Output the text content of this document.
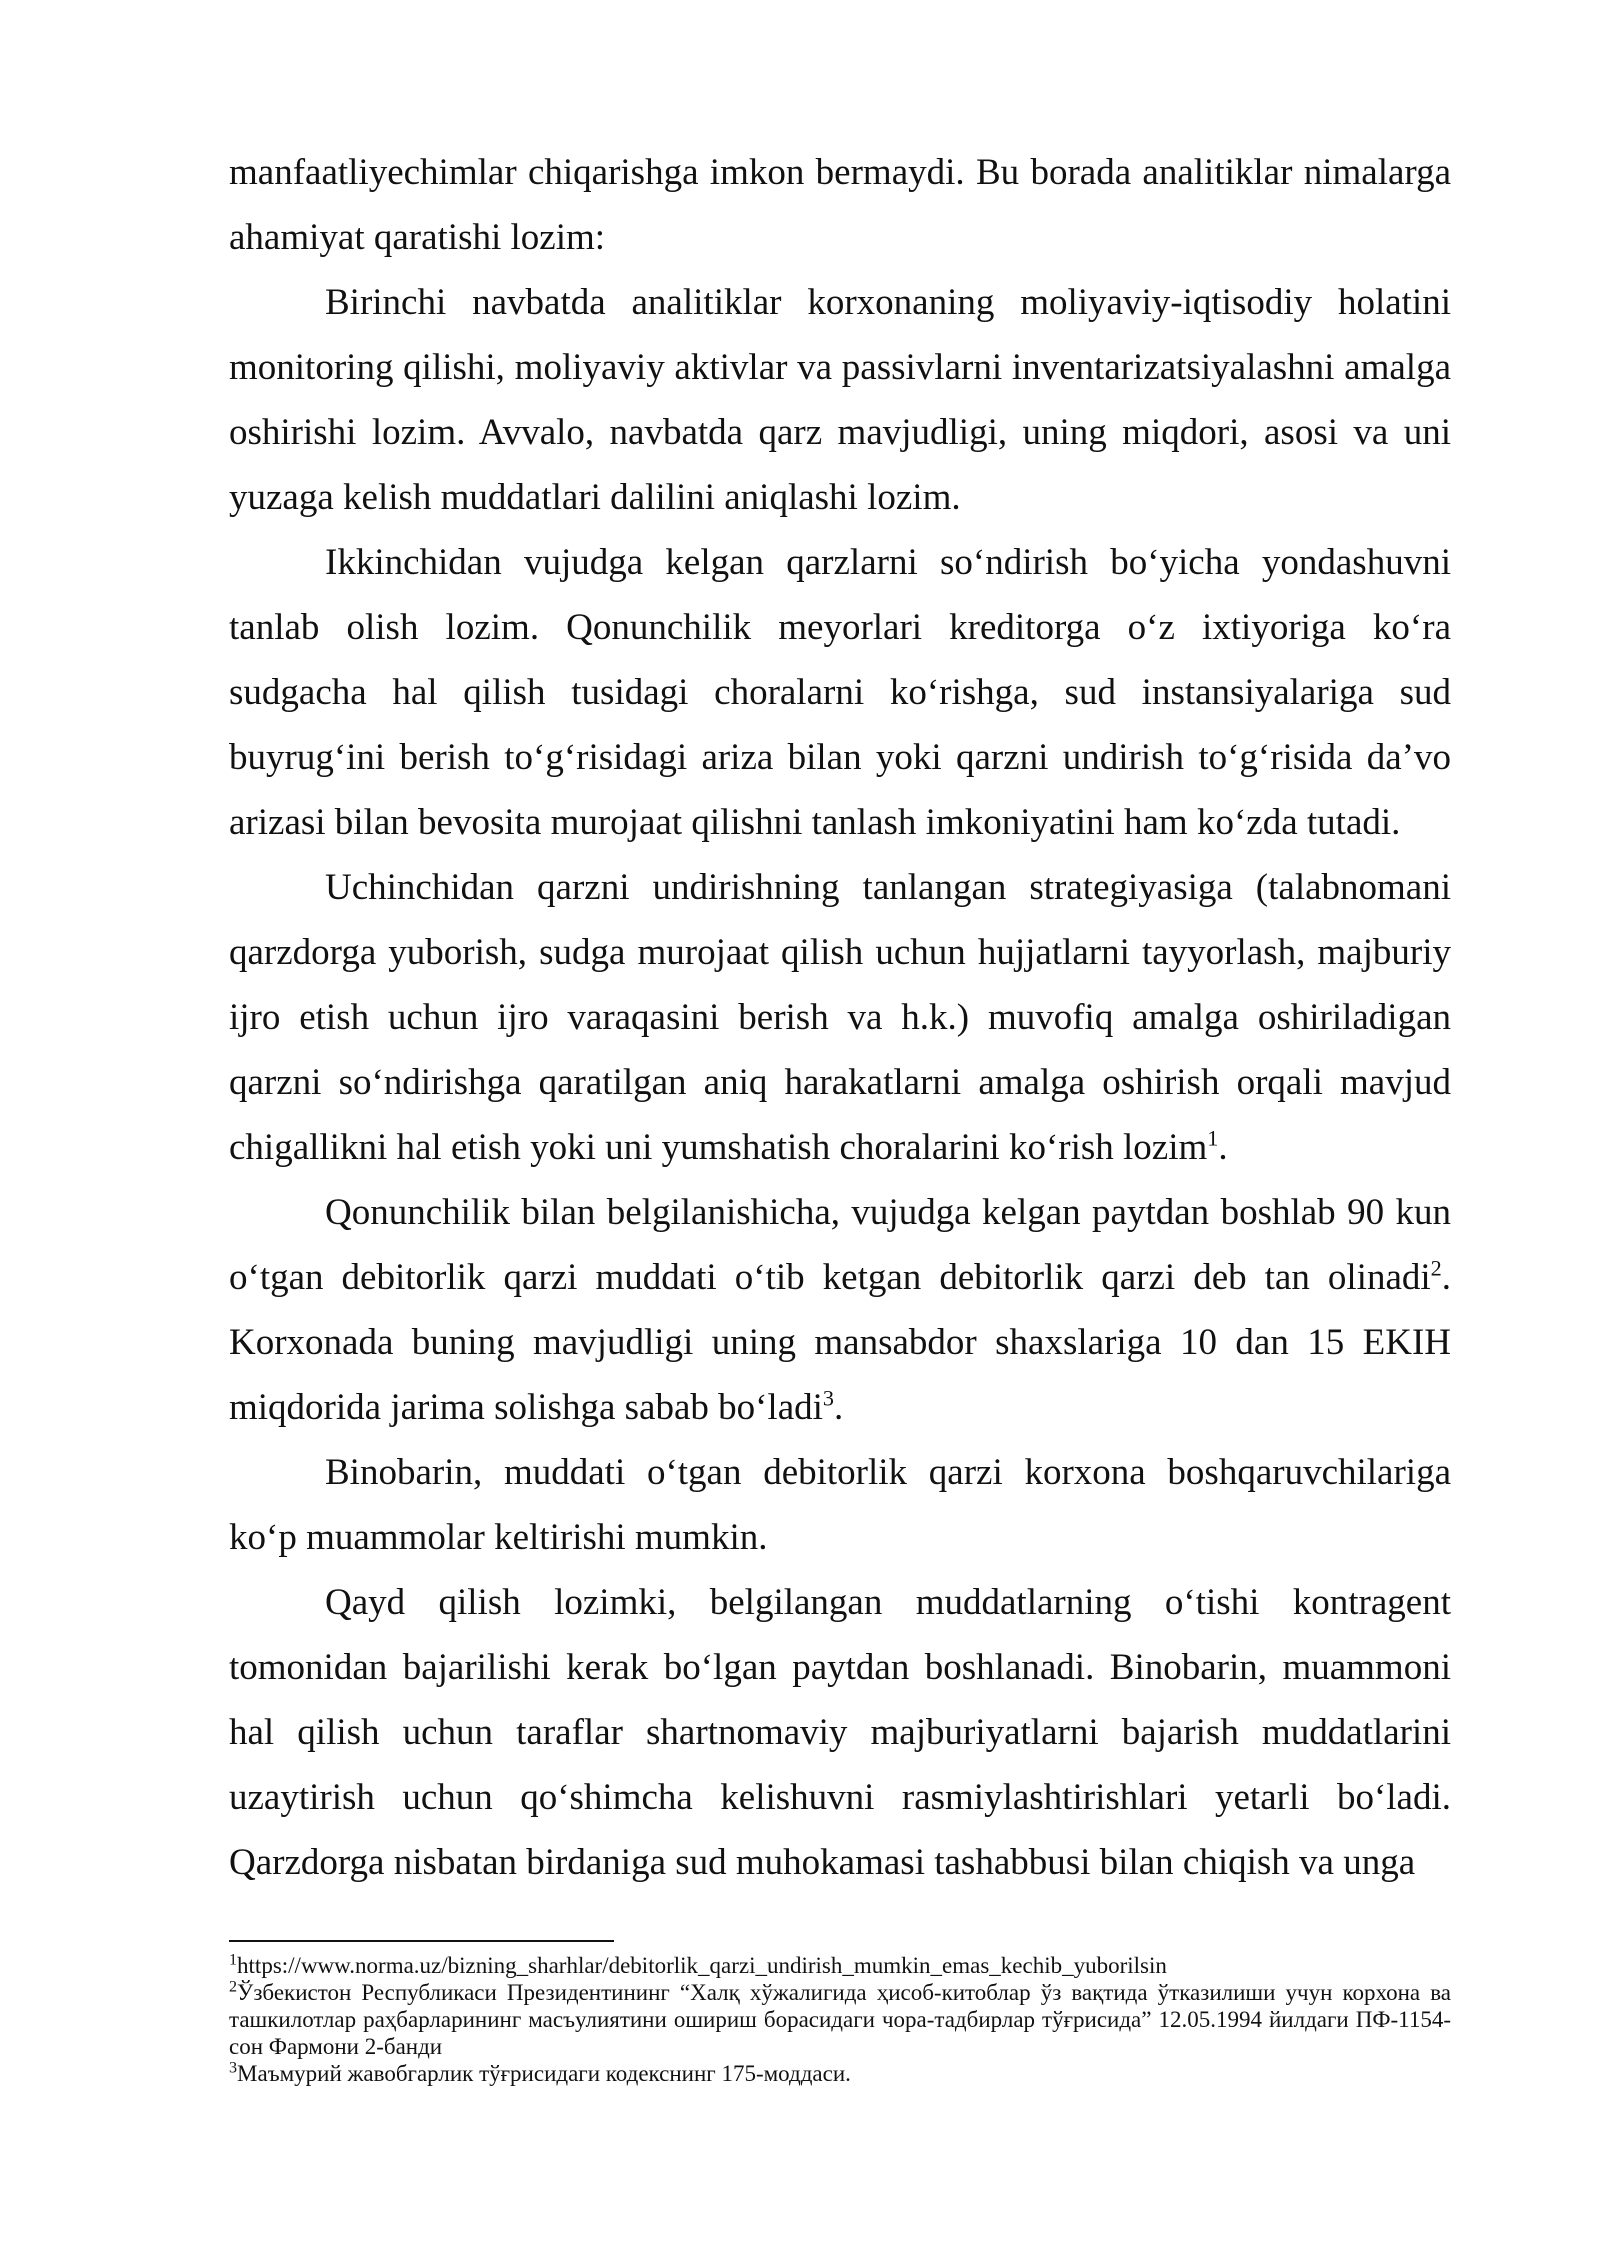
manfaatliyechimlar chiqarishga imkon bermaydi. Bu borada analitiklar nimalarga ahamiyat qaratishi lozim:

Birinchi navbatda analitiklar korxonaning moliyaviy-iqtisodiy holatini monitoring qilishi, moliyaviy aktivlar va passivlarni inventarizatsiyalashni amalga oshirishi lozim. Avvalo, navbatda qarz mavjudligi, uning miqdori, asosi va uni yuzaga kelish muddatlari dalilini aniqlashi lozim.

Ikkinchidan vujudga kelgan qarzlarni so‘ndirish bo‘yicha yondashuvni tanlab olish lozim. Qonunchilik meyorlari kreditorga o‘z ixtiyoriga ko‘ra sudgacha hal qilish tusidagi choralarni ko‘rishga, sud instansiyalariga sud buyrug‘ini berish to‘g‘risidagi ariza bilan yoki qarzni undirish to‘g‘risida da’vo arizasi bilan bevosita murojaat qilishni tanlash imkoniyatini ham ko‘zda tutadi.

Uchinchidan qarzni undirishning tanlangan strategiyasiga (talabnomani qarzdorga yuborish, sudga murojaat qilish uchun hujjatlarni tayyorlash, majburiy ijro etish uchun ijro varaqasini berish va h.k.) muvofiq amalga oshiriladigan qarzni so‘ndirishga qaratilgan aniq harakatlarni amalga oshirish orqali mavjud chigallikni hal etish yoki uni yumshatish choralarini ko‘rish lozim$^1$.

Qonunchilik bilan belgilanishicha, vujudga kelgan paytdan boshlab 90 kun o‘tgan debitorlik qarzi muddati o‘tib ketgan debitorlik qarzi deb tan olinadi$^2$. Korxonada buning mavjudligi uning mansabdor shaxslariga 10 dan 15 EKIH miqdorida jarima solishga sabab bo‘ladi$^3$.

Binobarin, muddati o‘tgan debitorlik qarzi korxona boshqaruvchilariga ko‘p muammolar keltirishi mumkin.

Qayd qilish lozimki, belgilangan muddatlarning o‘tishi kontragent tomonidan bajarilishi kerak bo‘lgan paytdan boshlanadi. Binobarin, muammoni hal qilish uchun taraflar shartnomaviy majburiyatlarni bajarish muddatlarini uzaytirish uchun qo‘shimcha kelishuvni rasmiylashtirishlari yetarli bo‘ladi. Qarzdorga nisbatan birdaniga sud muhokamasi tashabbusi bilan chiqish va unga

$^1$https://www.norma.uz/bizning_sharhlar/debitorlik_qarzi_undirish_mumkin_emas_kechib_yuborilsin

$^2$Ўзбекистон Республикаси Президентининг “Халқ хўжалигида ҳисоб-китоблар ўз вақтида ўтказилиши учун корхона ва ташкилотлар раҳбарларининг масъулиятини ошириш борасидаги чора-тадбирлар тўғрисида” 12.05.1994 йилдаги ПФ-1154-сон Фармони 2-банди

$^3$Маъмурий жавобгарлик тўғрисидаги кодекснинг 175-моддаси.
